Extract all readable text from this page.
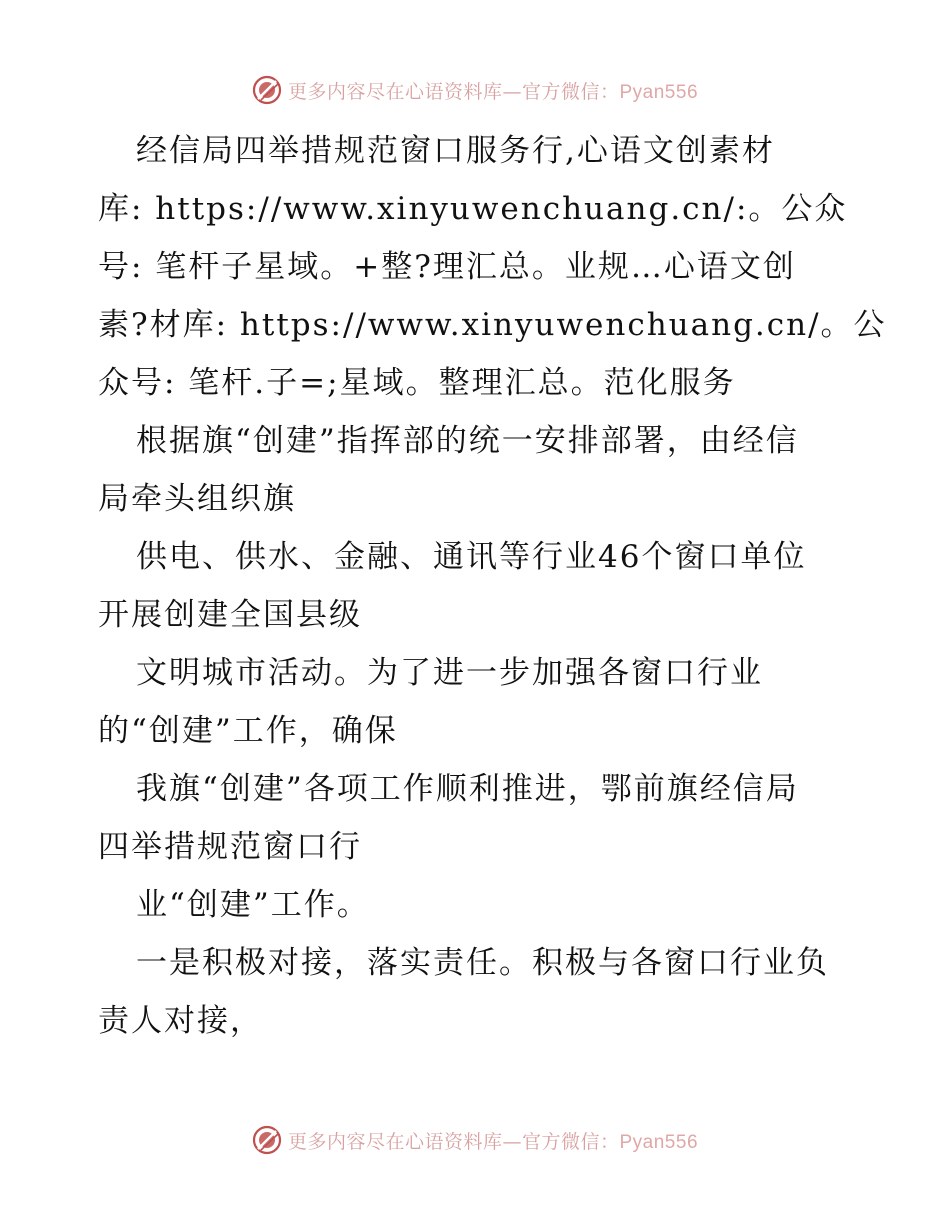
更多内容尽在心语资料库—官方微信：Pyan556
经信局四举措规范窗口服务行,心语文创素材
库: https://www.xinyuwenchuang.cn/:。公众
号: 笔杆子星域。+整?理汇总。业规…心语文创
素?材库: https://www.xinyuwenchuang.cn/。公
众号: 笔杆.子=;星域。整理汇总。范化服务
根据旗“创建”指挥部的统一安排部署，由经信
局牵头组织旗
供电、供水、金融、通讯等行业46个窗口单位
开展创建全国县级
文明城市活动。为了进一步加强各窗口行业
的“创建”工作，确保
我旗“创建”各项工作顺利推进，鄂前旗经信局
四举措规范窗口行
业“创建”工作。
一是积极对接，落实责任。积极与各窗口行业负
责人对接，
更多内容尽在心语资料库—官方微信：Pyan556
